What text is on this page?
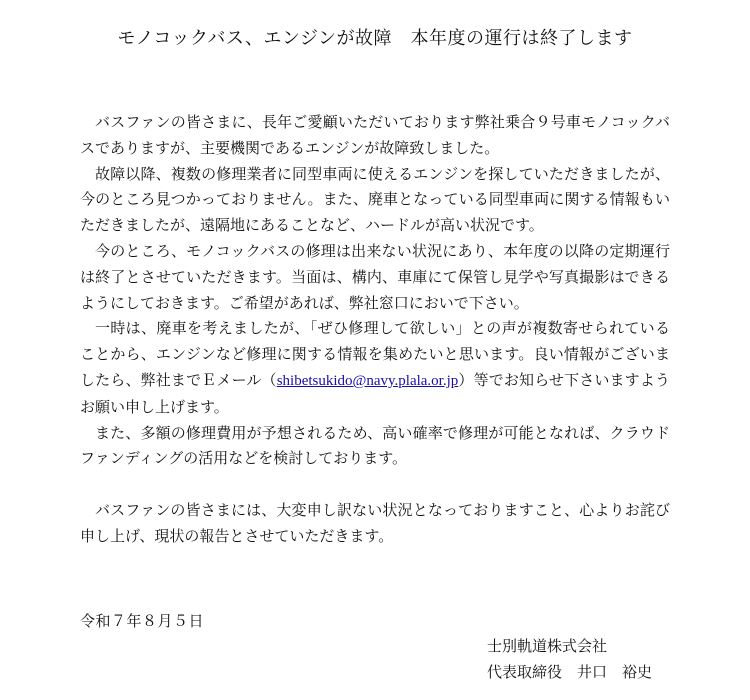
モノコックバス、エンジンが故障　本年度の運行は終了します

バスファンの皆さまに、長年ご愛顧いただいております弊社乗合９号車モノコックバスでありますが、主要機関であるエンジンが故障致しました。

故障以降、複数の修理業者に同型車両に使えるエンジンを探していただきましたが、今のところ見つかっておりません。また、廃車となっている同型車両に関する情報もいただきましたが、遠隔地にあることなど、ハードルが高い状況です。

今のところ、モノコックバスの修理は出来ない状況にあり、本年度の以降の定期運行は終了とさせていただきます。当面は、構内、車庫にて保管し見学や写真撮影はできるようにしておきます。ご希望があれば、弊社窓口においで下さい。

一時は、廃車を考えましたが、「ぜひ修理して欲しい」との声が複数寄せられていることから、エンジンなど修理に関する情報を集めたいと思います。良い情報がございましたら、弊社までＥメール（shibetsukido@navy.plala.or.jp）等でお知らせ下さいますようお願い申し上げます。

また、多額の修理費用が予想されるため、高い確率で修理が可能となれば、クラウドファンディングの活用などを検討しております。

バスファンの皆さまには、大変申し訳ない状況となっておりますこと、心よりお詫び申し上げ、現状の報告とさせていただきます。

令和７年８月５日
士別軌道株式会社
代表取締役　井口　裕史
